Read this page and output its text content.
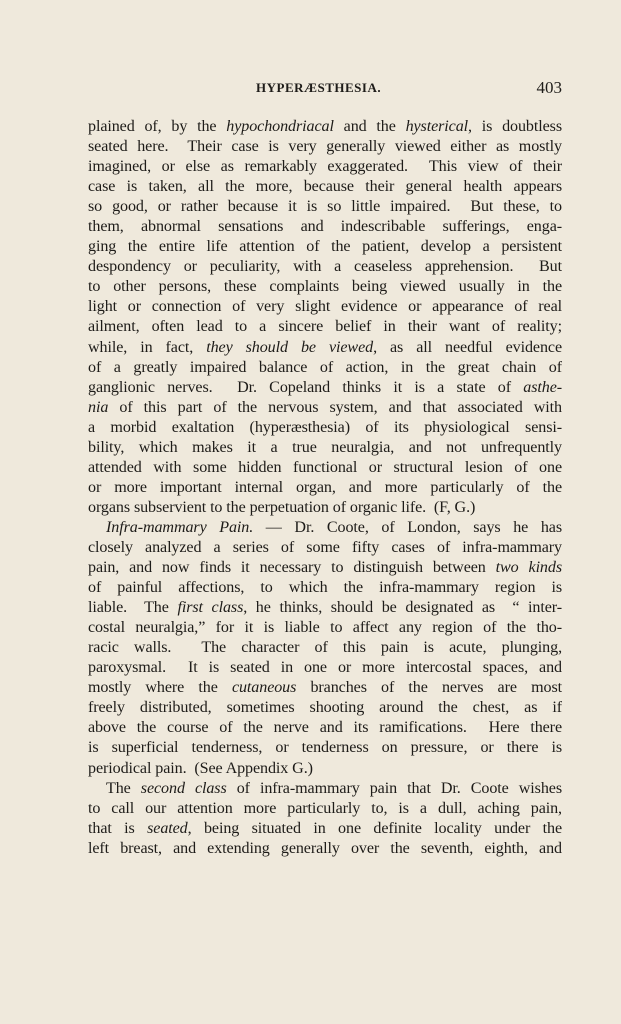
HYPERÆSTHESIA.	403
plained of, by the hypochondriacal and the hysterical, is doubtless
seated here.  Their case is very generally viewed either as mostly
imagined, or else as remarkably exaggerated.  This view of their
case is taken, all the more, because their general health appears
so good, or rather because it is so little impaired.  But these, to
them, abnormal sensations and indescribable sufferings, enga-
ging the entire life attention of the patient, develop a persistent
despondency or peculiarity, with a ceaseless apprehension.  But
to other persons, these complaints being viewed usually in the
light or connection of very slight evidence or appearance of real
ailment, often lead to a sincere belief in their want of reality;
while, in fact, they should be viewed, as all needful evidence
of a greatly impaired balance of action, in the great chain of
ganglionic nerves.  Dr. Copeland thinks it is a state of asthe-
nia of this part of the nervous system, and that associated with
a morbid exaltation (hyperæsthesia) of its physiological sensi-
bility, which makes it a true neuralgia, and not unfrequently
attended with some hidden functional or structural lesion of one
or more important internal organ, and more particularly of the
organs subservient to the perpetuation of organic life.  (F, G.)
Infra-mammary Pain. — Dr. Coote, of London, says he has
closely analyzed a series of some fifty cases of infra-mammary
pain, and now finds it necessary to distinguish between two kinds
of painful affections, to which the infra-mammary region is
liable.  The first class, he thinks, should be designated as  “ inter-
costal neuralgia,” for it is liable to affect any region of the tho-
racic walls.  The character of this pain is acute, plunging,
paroxysmal.  It is seated in one or more intercostal spaces, and
mostly where the cutaneous branches of the nerves are most
freely distributed, sometimes shooting around the chest, as if
above the course of the nerve and its ramifications.  Here there
is superficial tenderness, or tenderness on pressure, or there is
periodical pain.  (See Appendix G.)
The second class of infra-mammary pain that Dr. Coote wishes
to call our attention more particularly to, is a dull, aching pain,
that is seated, being situated in one definite locality under the
left breast, and extending generally over the seventh, eighth, and
